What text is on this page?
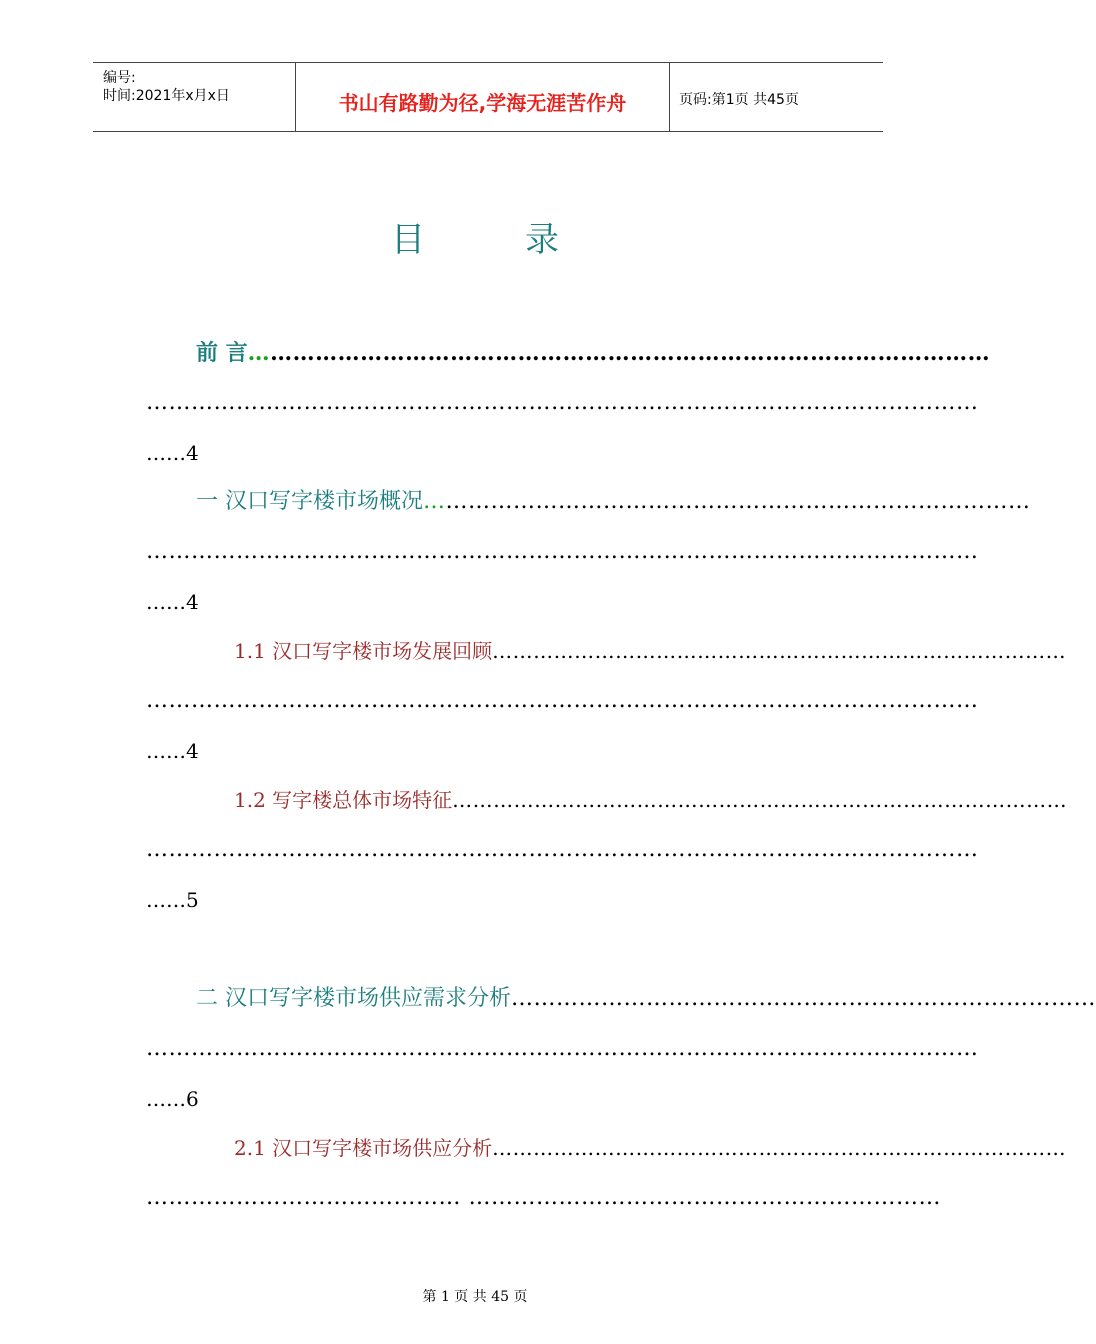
编号:
时间:2021年x月x日	书山有路勤为径,学海无涯苦作舟	页码:第1页 共45页
目	录
前 言………………………………………………………………………………………
…………………………………………………………………………………………………
……4
一 汉口写字楼市场概况………………………………………………………………………
…………………………………………………………………………………………………
……4
1.1 汉口写字楼市场发展回顾…………………………………………………………………………
…………………………………………………………………………………………………
……4
1.2 写字楼总体市场特征………………………………………………………………………………
…………………………………………………………………………………………………
……5
二 汉口写字楼市场供应需求分析……………………………………………………………………
…………………………………………………………………………………………………
……6
2.1 汉口写字楼市场供应分析…………………………………………………………………………
…………………………………… ………………………………………………………
第 1 页 共 45 页
